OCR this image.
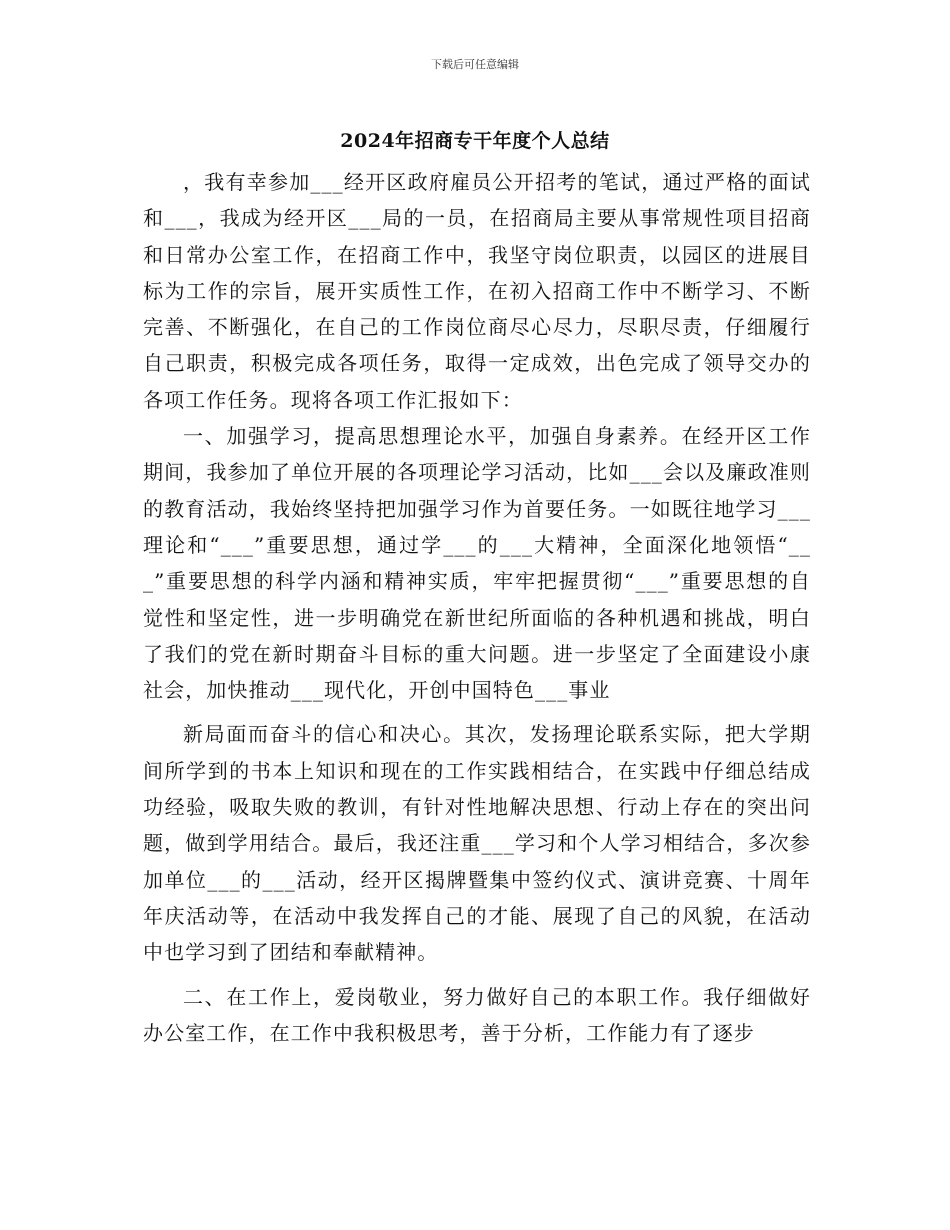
下载后可任意编辑
2024年招商专干年度个人总结

，我有幸参加___经开区政府雇员公开招考的笔试，通过严格的面试和___，我成为经开区___局的一员，在招商局主要从事常规性项目招商和日常办公室工作，在招商工作中，我坚守岗位职责，以园区的进展目标为工作的宗旨，展开实质性工作，在初入招商工作中不断学习、不断完善、不断强化，在自己的工作岗位商尽心尽力，尽职尽责，仔细履行自己职责，积极完成各项任务，取得一定成效，出色完成了领导交办的各项工作任务。现将各项工作汇报如下：

一、加强学习，提高思想理论水平，加强自身素养。在经开区工作期间，我参加了单位开展的各项理论学习活动，比如___会以及廉政准则的教育活动，我始终坚持把加强学习作为首要任务。一如既往地学习___理论和“___”重要思想，通过学___的___大精神，全面深化地领悟“___”重要思想的科学内涵和精神实质，牢牢把握贯彻“___”重要思想的自觉性和坚定性，进一步明确党在新世纪所面临的各种机遇和挑战，明白了我们的党在新时期奋斗目标的重大问题。进一步坚定了全面建设小康社会，加快推动___现代化，开创中国特色___事业

新局面而奋斗的信心和决心。其次，发扬理论联系实际，把大学期间所学到的书本上知识和现在的工作实践相结合，在实践中仔细总结成功经验，吸取失败的教训，有针对性地解决思想、行动上存在的突出问题，做到学用结合。最后，我还注重___学习和个人学习相结合，多次参加单位___的___活动，经开区揭牌暨集中签约仪式、演讲竞赛、十周年年庆活动等，在活动中我发挥自己的才能、展现了自己的风貌，在活动中也学习到了团结和奉献精神。

二、在工作上，爱岗敬业，努力做好自己的本职工作。我仔细做好办公室工作，在工作中我积极思考，善于分析，工作能力有了逐步
